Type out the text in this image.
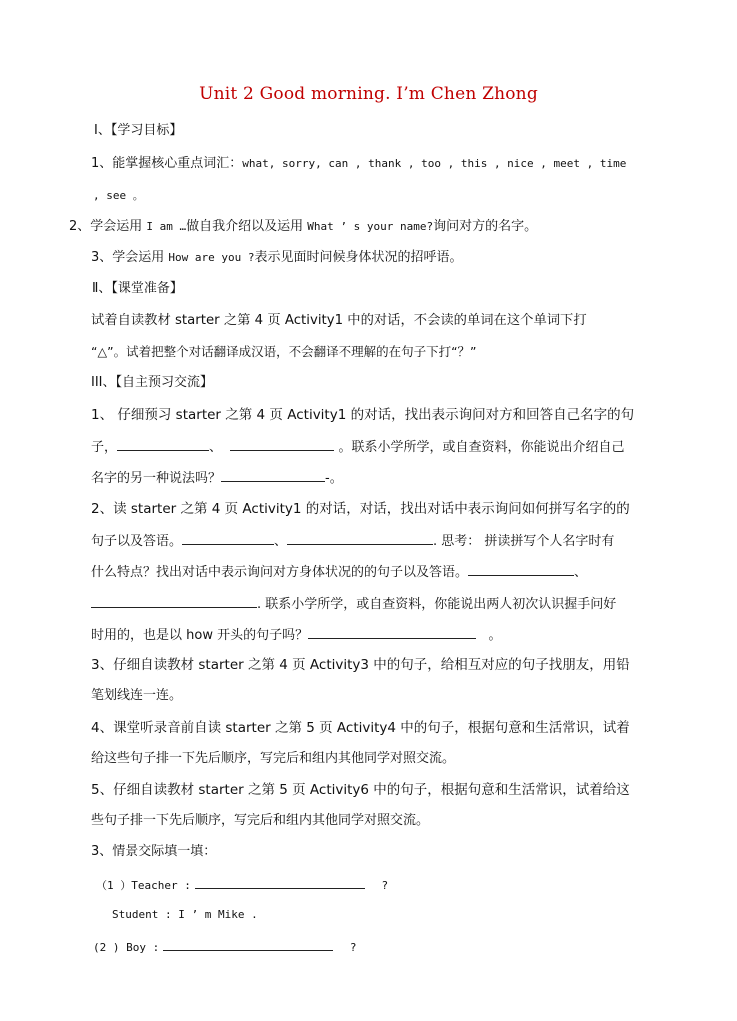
Unit 2 Good morning. I’m Chen Zhong
Ⅰ、【学习目标】
1、能掌握核心重点词汇：what, sorry, can , thank , too , this , nice , meet , time
, see 。
2、学会运用 I am …做自我介绍以及运用 What ’ s your name?询问对方的名字。
3、学会运用 How are you ?表示见面时问候身体状况的招呼语。
Ⅱ、【课堂准备】
试着自读教材 starter 之第 4 页 Activity1 中的对话，不会读的单词在这个单词下打
“△”。试着把整个对话翻译成汉语，不会翻译不理解的在句子下打“？”
III、【自主预习交流】
1、 仔细预习 starter 之第 4 页 Activity1 的对话，找出表示询问对方和回答自己名字的句
子，	、	。联系小学所学，或自查资料，你能说出介绍自己
名字的另一种说法吗？	-。
2、读 starter 之第 4 页 Activity1 的对话，对话，找出对话中表示询问如何拼写名字的的
句子以及答语。	、	. 思考： 拼读拼写个人名字时有
什么特点？找出对话中表示询问对方身体状况的的句子以及答语。	、
. 联系小学所学，或自查资料，你能说出两人初次认识握手问好
时用的，也是以 how 开头的句子吗？	。
3、仔细自读教材 starter 之第 4 页 Activity3 中的句子，给相互对应的句子找朋友，用铅
笔划线连一连。
4、课堂听录音前自读 starter 之第 5 页 Activity4 中的句子，根据句意和生活常识，试着
给这些句子排一下先后顺序，写完后和组内其他同学对照交流。
5、仔细自读教材 starter 之第 5 页 Activity6 中的句子，根据句意和生活常识，试着给这
些句子排一下先后顺序，写完后和组内其他同学对照交流。
3、情景交际填一填：
（1 ）Teacher :	?
Student : I ’ m Mike .
(2 ) Boy :	?
